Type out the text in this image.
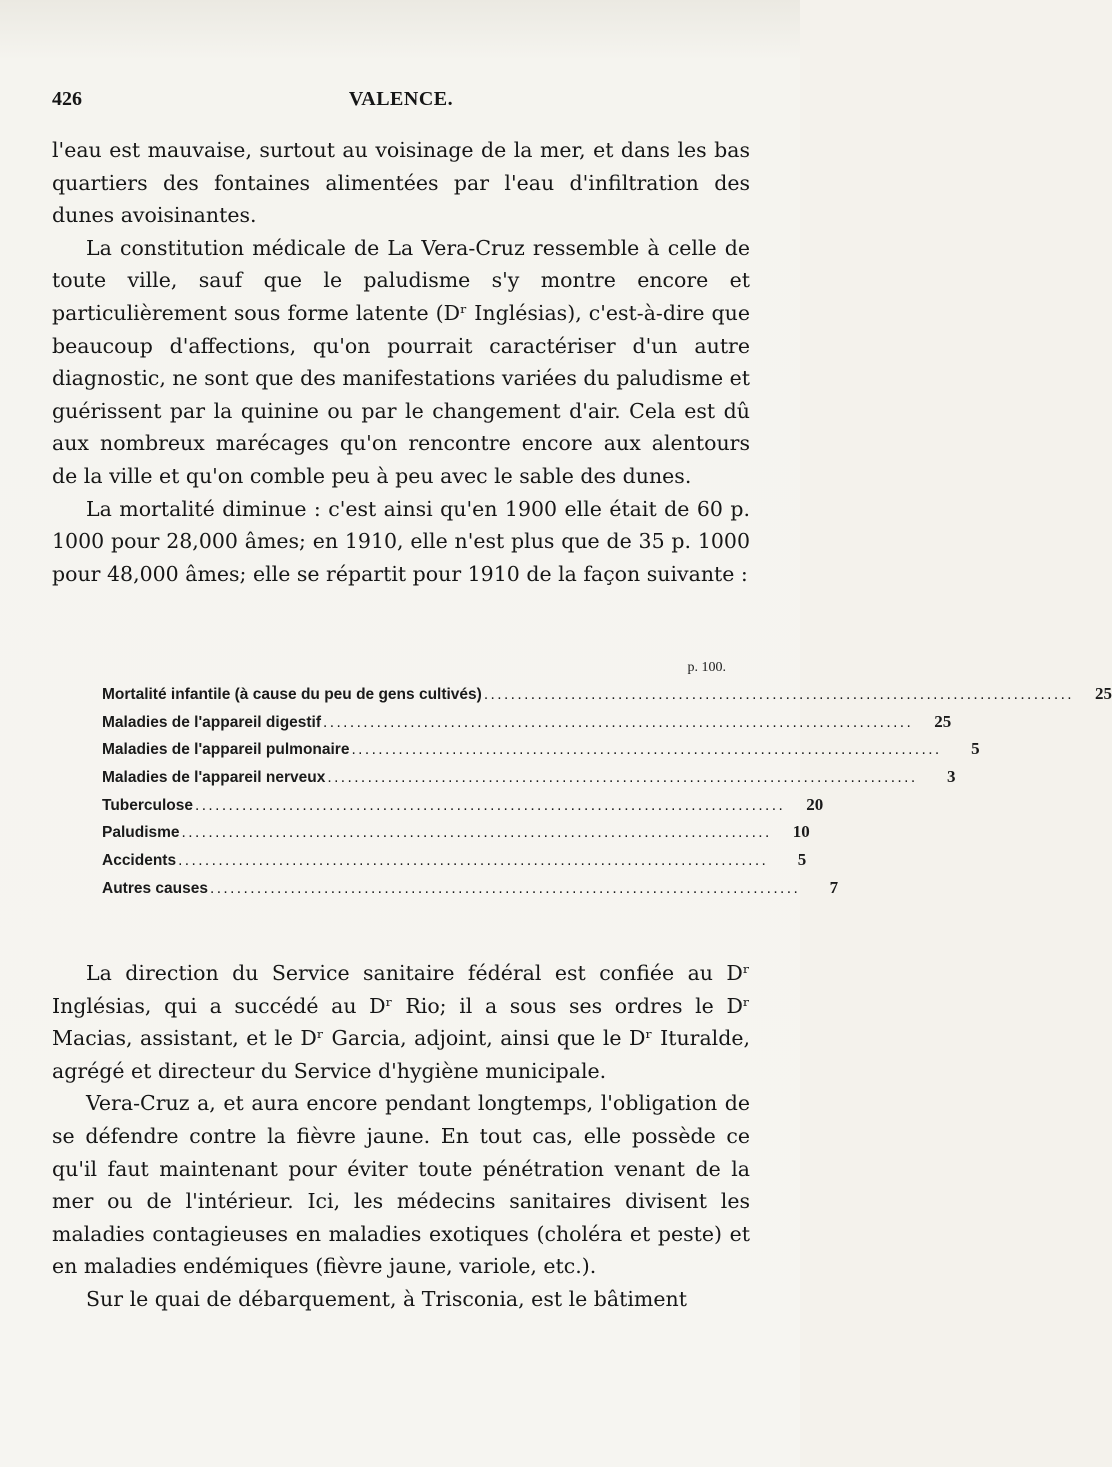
426	VALENCE.

l'eau est mauvaise, surtout au voisinage de la mer, et dans les bas quartiers des fontaines alimentées par l'eau d'infiltration des dunes avoisinantes.

La constitution médicale de La Vera-Cruz ressemble à celle de toute ville, sauf que le paludisme s'y montre encore et particulièrement sous forme latente (Dʳ Inglésias), c'est-à-dire que beaucoup d'affections, qu'on pourrait caractériser d'un autre diagnostic, ne sont que des manifestations variées du paludisme et guérissent par la quinine ou par le changement d'air. Cela est dû aux nombreux marécages qu'on rencontre encore aux alentours de la ville et qu'on comble peu à peu avec le sable des dunes.

La mortalité diminue : c'est ainsi qu'en 1900 elle était de 60 p. 1000 pour 28,000 âmes; en 1910, elle n'est plus que de 35 p. 1000 pour 48,000 âmes; elle se répartit pour 1910 de la façon suivante :

p. 100.
Mortalité infantile (à cause du peu de gens cultivés) ........................................................................................	25
Maladies de l'appareil digestif ........................................................................................	25
Maladies de l'appareil pulmonaire ........................................................................................	5
Maladies de l'appareil nerveux ........................................................................................	3
Tuberculose ........................................................................................	20
Paludisme ........................................................................................	10
Accidents ........................................................................................	5
Autres causes ........................................................................................	7

La direction du Service sanitaire fédéral est confiée au Dʳ Inglésias, qui a succédé au Dʳ Rio; il a sous ses ordres le Dʳ Macias, assistant, et le Dʳ Garcia, adjoint, ainsi que le Dʳ Ituralde, agrégé et directeur du Service d'hygiène municipale.

Vera-Cruz a, et aura encore pendant longtemps, l'obligation de se défendre contre la fièvre jaune. En tout cas, elle possède ce qu'il faut maintenant pour éviter toute pénétration venant de la mer ou de l'intérieur. Ici, les médecins sanitaires divisent les maladies contagieuses en maladies exotiques (choléra et peste) et en maladies endémiques (fièvre jaune, variole, etc.).

Sur le quai de débarquement, à Trisconia, est le bâtiment
